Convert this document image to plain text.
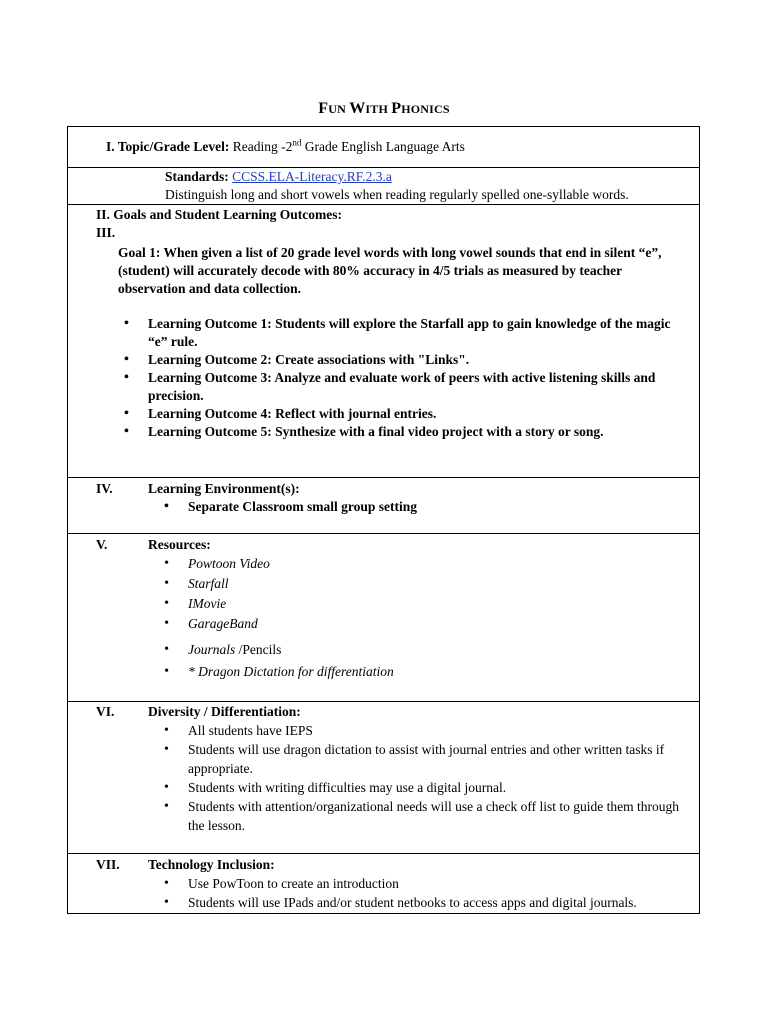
FUN WITH PHONICS
I. Topic/Grade Level: Reading -2nd Grade English Language Arts

Standards: CCSS.ELA-Literacy.RF.2.3.a
Distinguish long and short vowels when reading regularly spelled one-syllable words.

II. Goals and Student Learning Outcomes:
III.
Goal 1: When given a list of 20 grade level words with long vowel sounds that end in silent “e”, (student) will accurately decode with 80% accuracy in 4/5 trials as measured by teacher observation and data collection.
• Learning Outcome 1: Students will explore the Starfall app to gain knowledge of the magic “e” rule.
• Learning Outcome 2: Create associations with "Links".
• Learning Outcome 3: Analyze and evaluate work of peers with active listening skills and precision.
• Learning Outcome 4: Reflect with journal entries.
• Learning Outcome 5: Synthesize with a final video project with a story or song.

IV.	Learning Environment(s):
• Separate Classroom small group setting

V.	Resources:
• Powtoon Video
• Starfall
• IMovie
• GarageBand
• Journals /Pencils
• * Dragon Dictation for differentiation

VI. Diversity / Differentiation:
• All students have IEPS
• Students will use dragon dictation to assist with journal entries and other written tasks if appropriate.
• Students with writing difficulties may use a digital journal.
• Students with attention/organizational needs will use a check off list to guide them through the lesson.

VII. Technology Inclusion:
• Use PowToon to create an introduction
• Students will use IPads and/or student netbooks to access apps and digital journals.
